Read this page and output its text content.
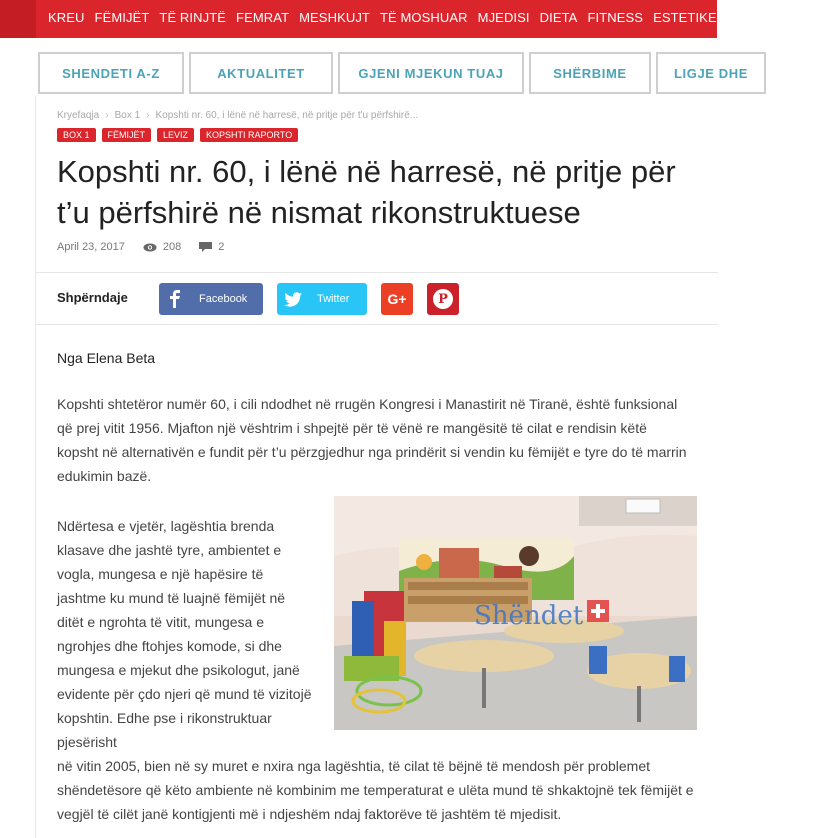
KREU FËMIJËT TË RINJTË FEMRAT MESHKUJT TË MOSHUAR MJEDISI DIETA FITNESS ESTETIKE VIP-SHENDETI
SHENDETI A-Z	AKTUALITET	GJENI MJEKUN TUAJ	SHËRBIME	LIGJE DHE
Kryefaqja › Box 1 › Kopshti nr. 60, i lënë në harresë, në pritje për t'u përfshirë...
BOX 1	FËMIJËT	LEVIZ	KOPSHTI RAPORTO
Kopshti nr. 60, i lënë në harresë, në pritje për t’u përfshirë në nismat rikonstruktuese
April 23, 2017	208	2
Shpërndaje	Facebook	Twitter	G+	P
Nga Elena Beta

Kopshti shtetëror numër 60, i cili ndodhet në rrugën Kongresi i Manastirit në Tiranë, është funksional që prej vitit 1956. Mjafton një vështrim i shpejtë për të vënë re mangësitë të cilat e rendisin këtë kopsht në alternativën e fundit për t’u përzgjedhur nga prindërit si vendin ku fëmijët e tyre do të marrin edukimin bazë.

Shëndet

Ndërtesa e vjetër, lagështia brenda klasave dhe jashtë tyre, ambientet e vogla, mungesa e një hapësire të jashtme ku mund të luajnë fëmijët në ditët e ngrohta të vitit, mungesa e ngrohjes dhe ftohjes komode, si dhe mungesa e mjekut dhe psikologut, janë evidente për çdo njeri që mund të vizitojë kopshtin. Edhe pse i rikonstruktuar pjesërisht

në vitin 2005, bien në sy muret e nxira nga lagështia, të cilat të bëjnë të mendosh për problemet shëndetësore që këto ambiente në kombinim me temperaturat e ulëta mund të shkaktojnë tek fëmijët e vegjël të cilët janë kontigjenti më i ndjeshëm ndaj faktorëve të jashtëm të mjedisit.
